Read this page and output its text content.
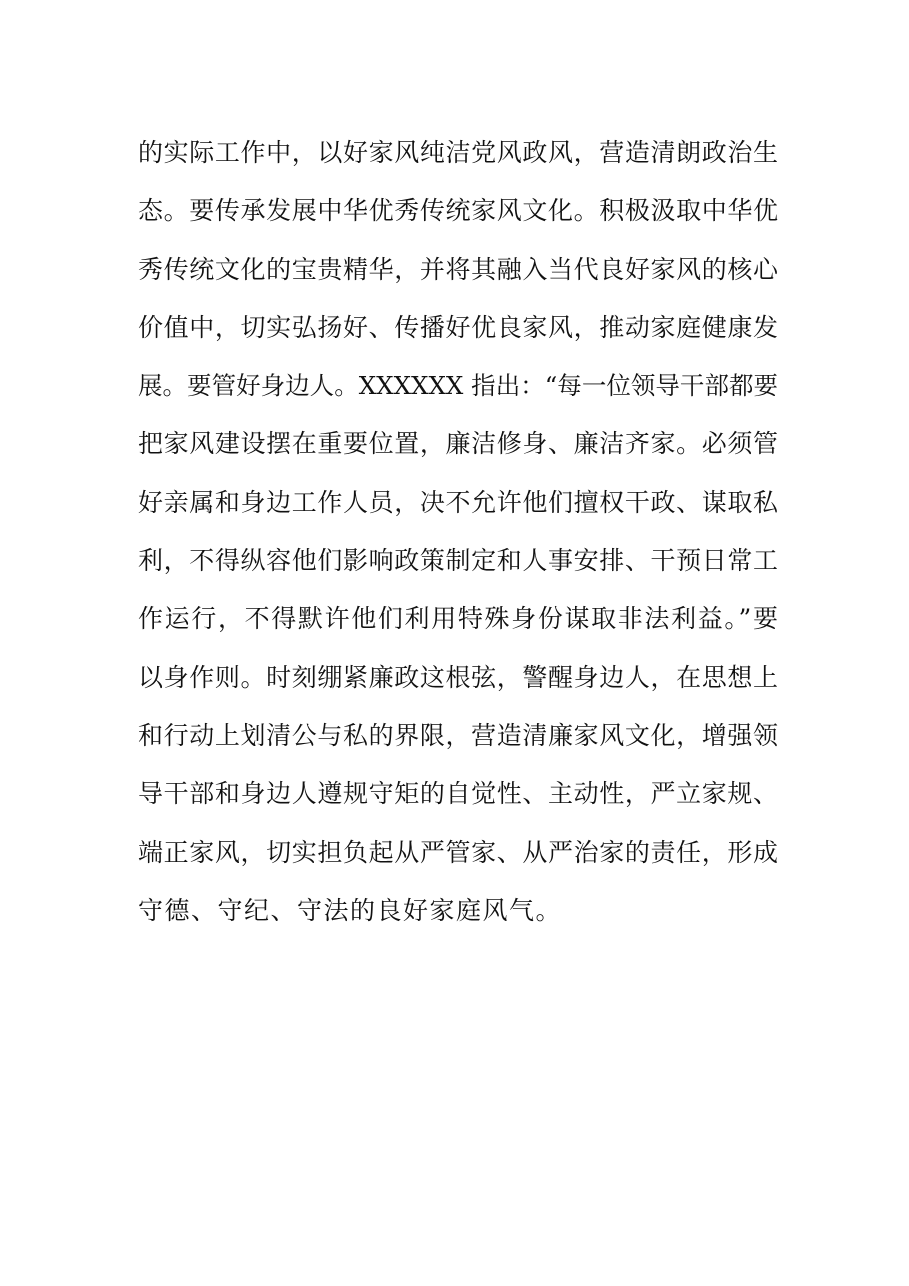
的实际工作中，以好家风纯洁党风政风，营造清朗政治生
态。要传承发展中华优秀传统家风文化。积极汲取中华优
秀传统文化的宝贵精华，并将其融入当代良好家风的核心
价值中，切实弘扬好、传播好优良家风，推动家庭健康发
展。要管好身边人。XXXXXX 指出：“每一位领导干部都要
把家风建设摆在重要位置，廉洁修身、廉洁齐家。必须管
好亲属和身边工作人员，决不允许他们擅权干政、谋取私
利，不得纵容他们影响政策制定和人事安排、干预日常工
作运行，不得默许他们利用特殊身份谋取非法利益。”要
以身作则。时刻绷紧廉政这根弦，警醒身边人，在思想上
和行动上划清公与私的界限，营造清廉家风文化，增强领
导干部和身边人遵规守矩的自觉性、主动性，严立家规、
端正家风，切实担负起从严管家、从严治家的责任，形成
守德、守纪、守法的良好家庭风气。
